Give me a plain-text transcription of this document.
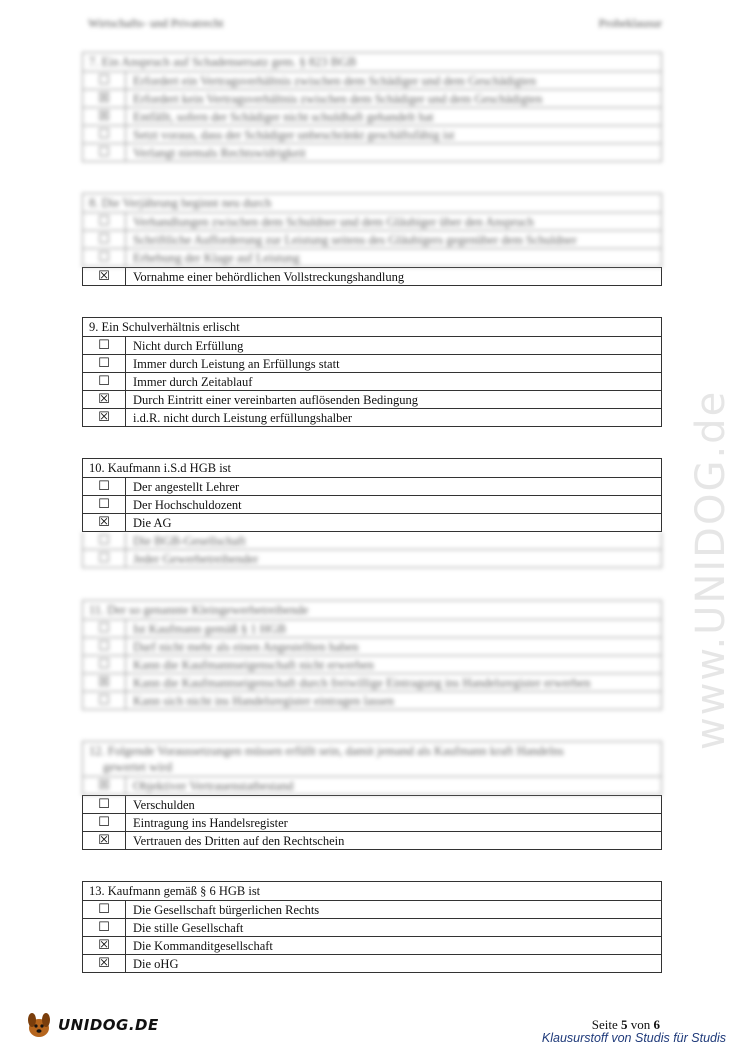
Wirtschafts- und Privatrecht	Probeklausur
www.UNIDOG.de
7. Ein Anspruch auf Schadensersatz gem. § 823 BGB
☐	Erfordert ein Vertragsverhältnis zwischen dem Schädiger und dem Geschädigten
☒	Erfordert kein Vertragsverhältnis zwischen dem Schädiger und dem Geschädigten
☒	Entfällt, sofern der Schädiger nicht schuldhaft gehandelt hat
☐	Setzt voraus, dass der Schädiger unbeschränkt geschäftsfähig ist
☐	Verlangt niemals Rechtswidrigkeit
8. Die Verjährung beginnt neu durch
☐	Verhandlungen zwischen dem Schuldner und dem Gläubiger über den Anspruch
☐	Schriftliche Aufforderung zur Leistung seitens des Gläubigers gegenüber dem Schuldner
☐	Erhebung der Klage auf Leistung
☒	Vornahme einer behördlichen Vollstreckungshandlung
9. Ein Schulverhältnis erlischt
☐	Nicht durch Erfüllung
☐	Immer durch Leistung an Erfüllungs statt
☐	Immer durch Zeitablauf
☒	Durch Eintritt einer vereinbarten auflösenden Bedingung
☒	i.d.R. nicht durch Leistung erfüllungshalber
10. Kaufmann i.S.d HGB ist
☐	Der angestellt Lehrer
☐	Der Hochschuldozent
☒	Die AG
☐	Die BGB-Gesellschaft
☐	Jeder Gewerbetreibender
11. Der so genannte Kleingewerbetreibende
☐	Ist Kaufmann gemäß § 1 HGB
☐	Darf nicht mehr als einen Angestellten haben
☐	Kann die Kaufmannseigenschaft nicht erwerben
☒	Kann die Kaufmannseigenschaft durch freiwillige Eintragung ins Handelsregister erwerben
☐	Kann sich nicht ins Handelsregister eintragen lassen
12. Folgende Voraussetzungen müssen erfüllt sein, damit jemand als Kaufmann kraft Handelns
gewertet wird
☒	Objektiver Vertrauenstatbestand
☐	Verschulden
☐	Eintragung ins Handelsregister
☒	Vertrauen des Dritten auf den Rechtschein
13. Kaufmann gemäß § 6 HGB ist
☐	Die Gesellschaft bürgerlichen Rechts
☐	Die stille Gesellschaft
☒	Die Kommanditgesellschaft
☒	Die oHG
UNIDOG.DE	Seite 5 von 6
Klausurstoff von Studis für Studis
